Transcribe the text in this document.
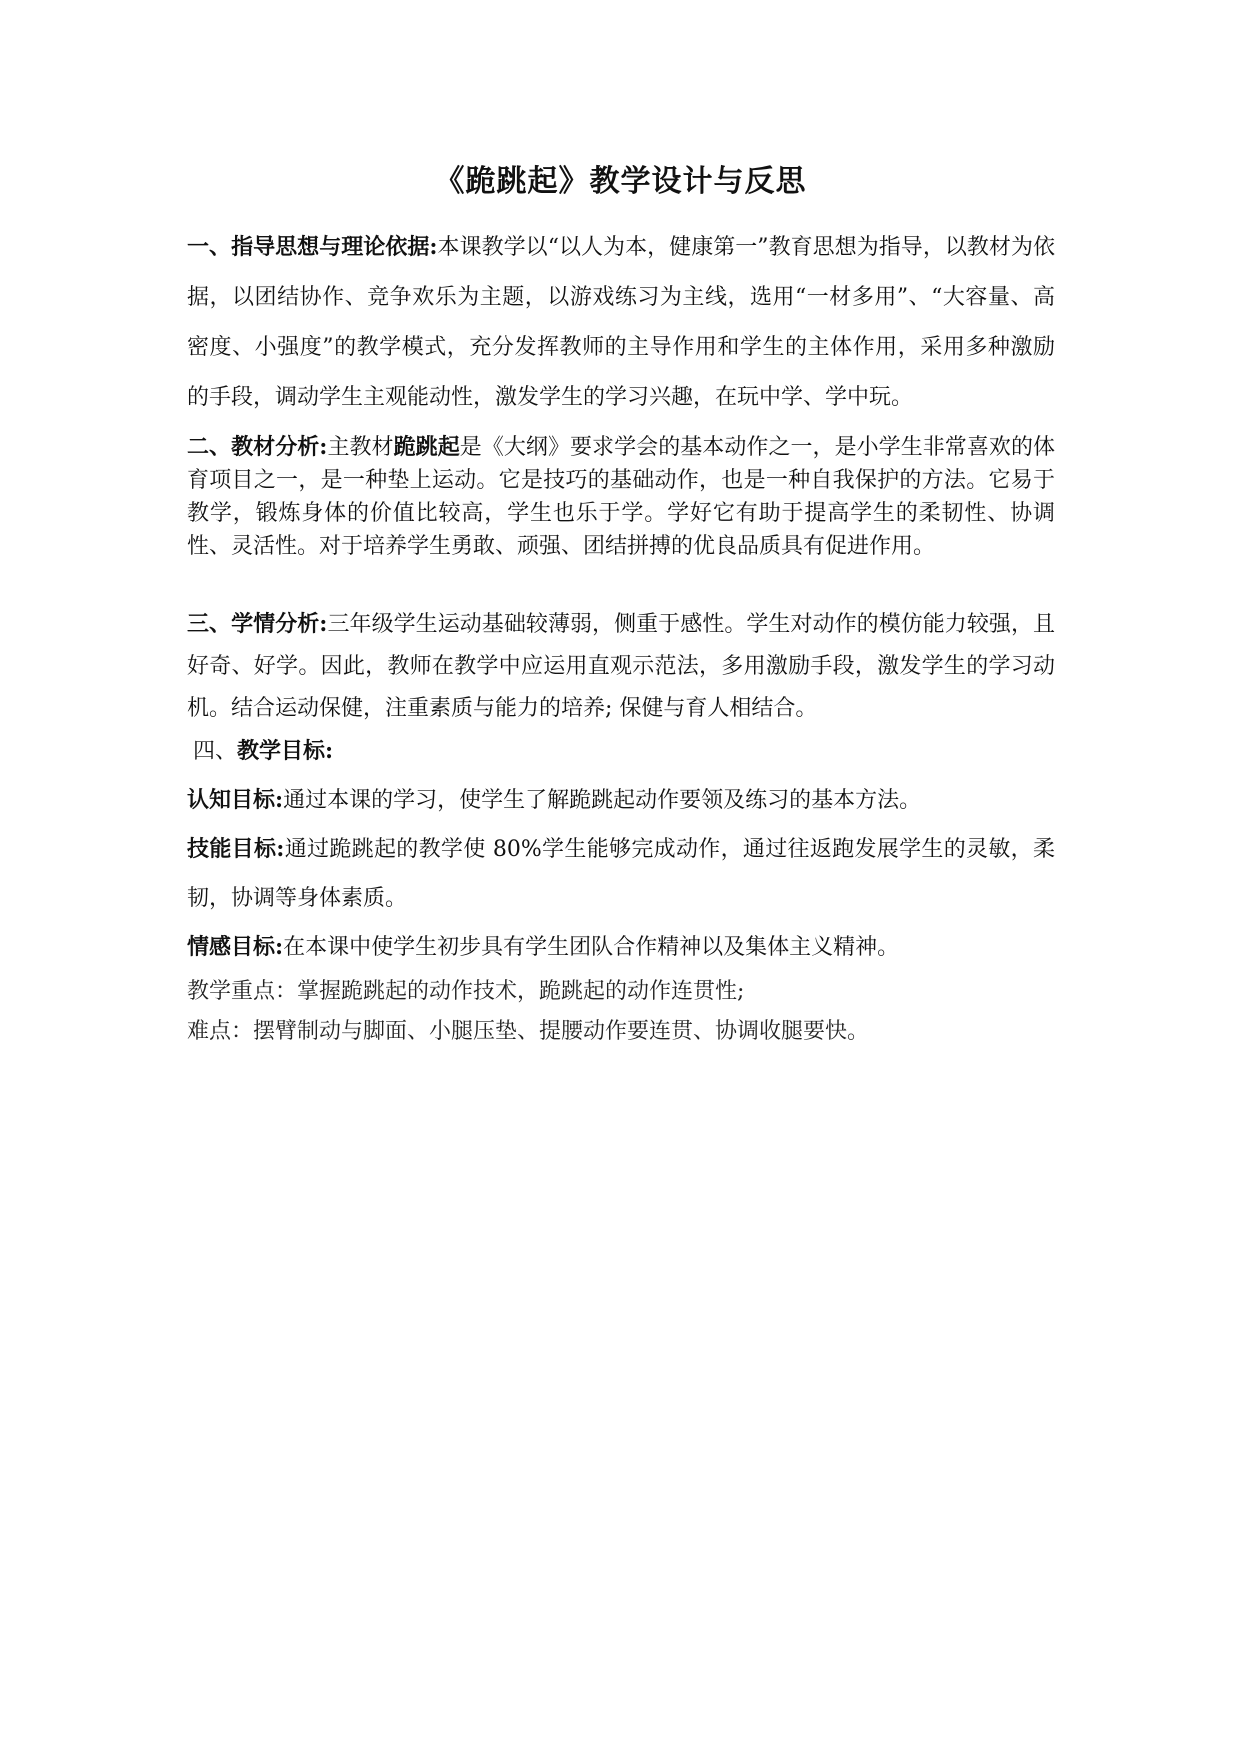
《跪跳起》教学设计与反思

一、指导思想与理论依据:本课教学以“以人为本，健康第一”教育思想为指导，以教材为依据，以团结协作、竞争欢乐为主题，以游戏练习为主线，选用“一材多用”、“大容量、高密度、小强度”的教学模式，充分发挥教师的主导作用和学生的主体作用，采用多种激励的手段，调动学生主观能动性，激发学生的学习兴趣，在玩中学、学中玩。

二、教材分析:主教材跪跳起是《大纲》要求学会的基本动作之一，是小学生非常喜欢的体育项目之一，是一种垫上运动。它是技巧的基础动作，也是一种自我保护的方法。它易于教学，锻炼身体的价值比较高，学生也乐于学。学好它有助于提高学生的柔韧性、协调性、灵活性。对于培养学生勇敢、顽强、团结拼搏的优良品质具有促进作用。

三、学情分析:三年级学生运动基础较薄弱，侧重于感性。学生对动作的模仿能力较强，且好奇、好学。因此，教师在教学中应运用直观示范法，多用激励手段，激发学生的学习动机。结合运动保健，注重素质与能力的培养; 保健与育人相结合。

四、教学目标:

认知目标:通过本课的学习，使学生了解跪跳起动作要领及练习的基本方法。

技能目标:通过跪跳起的教学使 80%学生能够完成动作，通过往返跑发展学生的灵敏，柔韧，协调等身体素质。

情感目标:在本课中使学生初步具有学生团队合作精神以及集体主义精神。

教学重点：掌握跪跳起的动作技术，跪跳起的动作连贯性;

难点：摆臂制动与脚面、小腿压垫、提腰动作要连贯、协调收腿要快。
